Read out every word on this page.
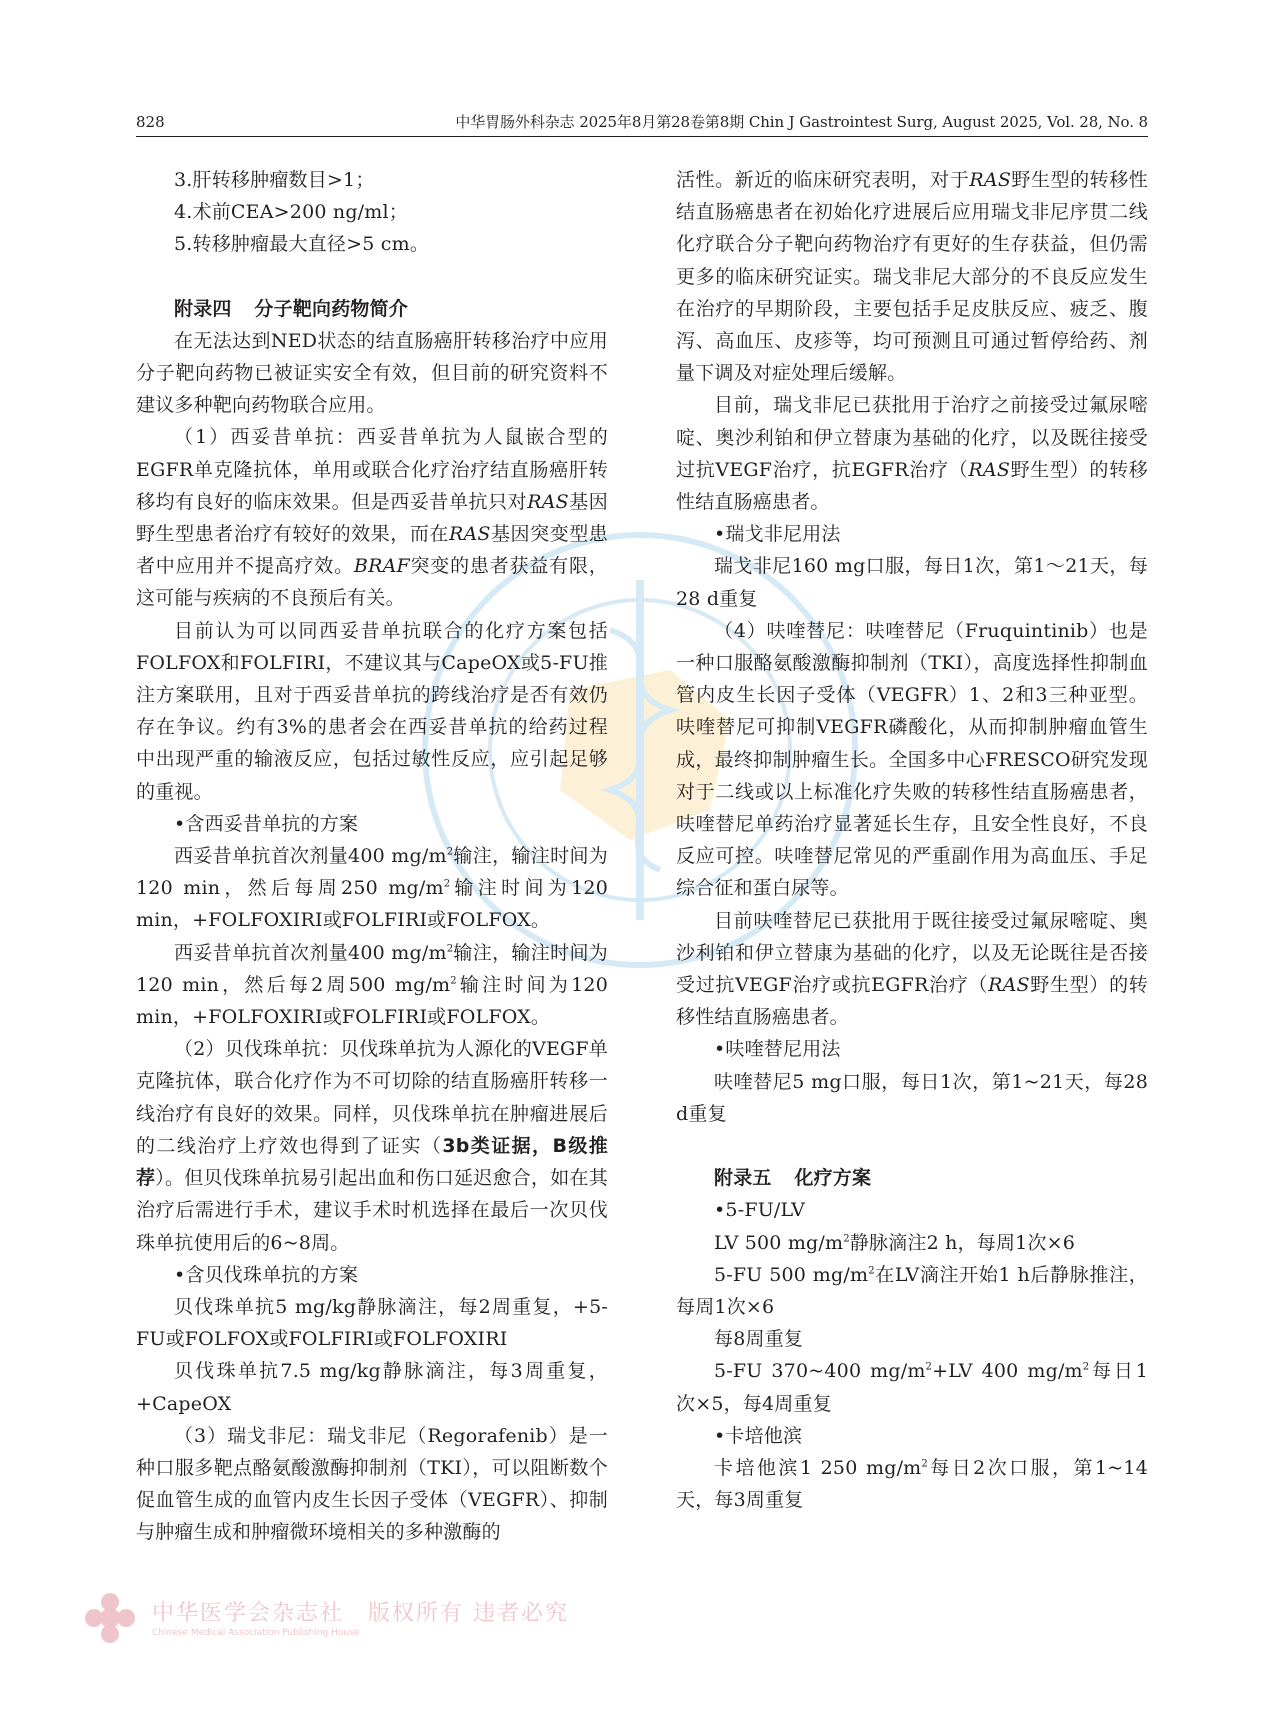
828	中华胃肠外科杂志 2025年8月第28卷第8期 Chin J Gastrointest Surg, August 2025, Vol. 28, No. 8

3.肝转移肿瘤数目>1；

4.术前CEA>200 ng/ml；

5.转移肿瘤最大直径>5 cm。

附录四 分子靶向药物简介

在无法达到NED状态的结直肠癌肝转移治疗中应用分子靶向药物已被证实安全有效，但目前的研究资料不建议多种靶向药物联合应用。

（1）西妥昔单抗：西妥昔单抗为人鼠嵌合型的EGFR单克隆抗体，单用或联合化疗治疗结直肠癌肝转移均有良好的临床效果。但是西妥昔单抗只对RAS基因野生型患者治疗有较好的效果，而在RAS基因突变型患者中应用并不提高疗效。BRAF突变的患者获益有限，这可能与疾病的不良预后有关。

目前认为可以同西妥昔单抗联合的化疗方案包括FOLFOX和FOLFIRI，不建议其与CapeOX或5-FU推注方案联用，且对于西妥昔单抗的跨线治疗是否有效仍存在争议。约有3%的患者会在西妥昔单抗的给药过程中出现严重的输液反应，包括过敏性反应，应引起足够的重视。

•含西妥昔单抗的方案

西妥昔单抗首次剂量400 $mg/m^2$输注，输注时间为120 min，然后每周250 $mg/m^2$输注时间为120 min，+FOLFOXIRI或FOLFIRI或FOLFOX。

西妥昔单抗首次剂量400 $mg/m^2$输注，输注时间为120 min，然后每2周500 $mg/m^2$输注时间为120 min，+FOLFOXIRI或FOLFIRI或FOLFOX。

（2）贝伐珠单抗：贝伐珠单抗为人源化的VEGF单克隆抗体，联合化疗作为不可切除的结直肠癌肝转移一线治疗有良好的效果。同样，贝伐珠单抗在肿瘤进展后的二线治疗上疗效也得到了证实（3b类证据，B级推荐）。但贝伐珠单抗易引起出血和伤口延迟愈合，如在其治疗后需进行手术，建议手术时机选择在最后一次贝伐珠单抗使用后的6~8周。

•含贝伐珠单抗的方案

贝伐珠单抗5 mg/kg静脉滴注，每2周重复，+5-FU或FOLFOX或FOLFIRI或FOLFOXIRI

贝伐珠单抗7.5 mg/kg静脉滴注，每3周重复，+CapeOX

（3）瑞戈非尼：瑞戈非尼（Regorafenib）是一种口服多靶点酪氨酸激酶抑制剂（TKI），可以阻断数个促血管生成的血管内皮生长因子受体（VEGFR）、抑制与肿瘤生成和肿瘤微环境相关的多种激酶的

活性。新近的临床研究表明，对于RAS野生型的转移性结直肠癌患者在初始化疗进展后应用瑞戈非尼序贯二线化疗联合分子靶向药物治疗有更好的生存获益，但仍需更多的临床研究证实。瑞戈非尼大部分的不良反应发生在治疗的早期阶段，主要包括手足皮肤反应、疲乏、腹泻、高血压、皮疹等，均可预测且可通过暂停给药、剂量下调及对症处理后缓解。

目前，瑞戈非尼已获批用于治疗之前接受过氟尿嘧啶、奥沙利铂和伊立替康为基础的化疗，以及既往接受过抗VEGF治疗，抗EGFR治疗（RAS野生型）的转移性结直肠癌患者。

•瑞戈非尼用法

瑞戈非尼160 mg口服，每日1次，第1～21天，每28 d重复

（4）呋喹替尼：呋喹替尼（Fruquintinib）也是一种口服酪氨酸激酶抑制剂（TKI），高度选择性抑制血管内皮生长因子受体（VEGFR）1、2和3三种亚型。呋喹替尼可抑制VEGFR磷酸化，从而抑制肿瘤血管生成，最终抑制肿瘤生长。全国多中心FRESCO研究发现对于二线或以上标准化疗失败的转移性结直肠癌患者，呋喹替尼单药治疗显著延长生存，且安全性良好，不良反应可控。呋喹替尼常见的严重副作用为高血压、手足综合征和蛋白尿等。

目前呋喹替尼已获批用于既往接受过氟尿嘧啶、奥沙利铂和伊立替康为基础的化疗，以及无论既往是否接受过抗VEGF治疗或抗EGFR治疗（RAS野生型）的转移性结直肠癌患者。

•呋喹替尼用法

呋喹替尼5 mg口服，每日1次，第1~21天，每28 d重复

附录五 化疗方案

•5-FU/LV

LV 500 $mg/m^2$静脉滴注2 h，每周1次×6

5-FU 500 $mg/m^2$在LV滴注开始1 h后静脉推注，每周1次×6

每8周重复

5-FU 370~400 $mg/m^2+LV$ 400 $mg/m^2$每日1次×5，每4周重复

•卡培他滨

卡培他滨1 250 $mg/m^2$每日2次口服，第1~14天，每3周重复

中华医学会杂志社　 版权所有 违者必究
Chinese Medical Association Publishing House
